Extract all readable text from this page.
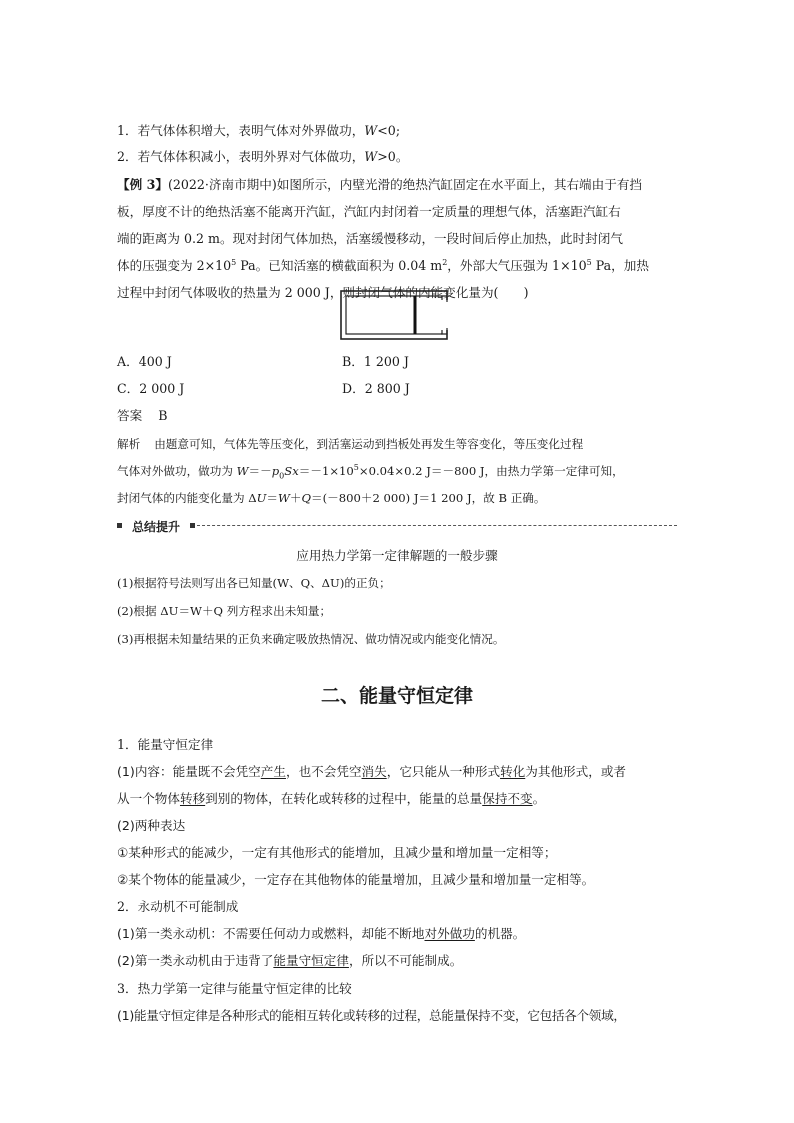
1．若气体体积增大，表明气体对外界做功，W<0;
2．若气体体积减小，表明外界对气体做功，W>0。
【例 3】(2022·济南市期中)如图所示，内壁光滑的绝热汽缸固定在水平面上，其右端由于有挡
板，厚度不计的绝热活塞不能离开汽缸，汽缸内封闭着一定质量的理想气体，活塞距汽缸右
端的距离为 0.2 m。现对封闭气体加热，活塞缓慢移动，一段时间后停止加热，此时封闭气
体的压强变为 $2\times 10^5$ Pa。已知活塞的横截面积为 0.04 $m^2$，外部大气压强为 $1\times 10^5$ Pa，加热
过程中封闭气体吸收的热量为 2 000 J，则封闭气体的内能变化量为(　　)
A．400 J	B．1 200 J
C．2 000 J	D．2 800 J
答案 B
解析 由题意可知，气体先等压变化，到活塞运动到挡板处再发生等容变化，等压变化过程
气体对外做功，做功为 $W=-p_0Sx=-1\times 10^5\times 0.04\times 0.2$ J＝－800 J，由热力学第一定律可知，
封闭气体的内能变化量为 ΔU＝W＋Q＝(－800＋2 000) J＝1 200 J，故 B 正确。
总结提升
应用热力学第一定律解题的一般步骤
(1)根据符号法则写出各已知量(W、Q、ΔU)的正负；
(2)根据 ΔU＝W＋Q 列方程求出未知量；
(3)再根据未知量结果的正负来确定吸放热情况、做功情况或内能变化情况。
二、能量守恒定律
1．能量守恒定律
(1)内容：能量既不会凭空产生，也不会凭空消失，它只能从一种形式转化为其他形式，或者
从一个物体转移到别的物体，在转化或转移的过程中，能量的总量保持不变。
(2)两种表达
①某种形式的能减少，一定有其他形式的能增加，且减少量和增加量一定相等；
②某个物体的能量减少，一定存在其他物体的能量增加，且减少量和增加量一定相等。
2．永动机不可能制成
(1)第一类永动机：不需要任何动力或燃料，却能不断地对外做功的机器。
(2)第一类永动机由于违背了能量守恒定律，所以不可能制成。
3．热力学第一定律与能量守恒定律的比较
(1)能量守恒定律是各种形式的能相互转化或转移的过程，总能量保持不变，它包括各个领域，
